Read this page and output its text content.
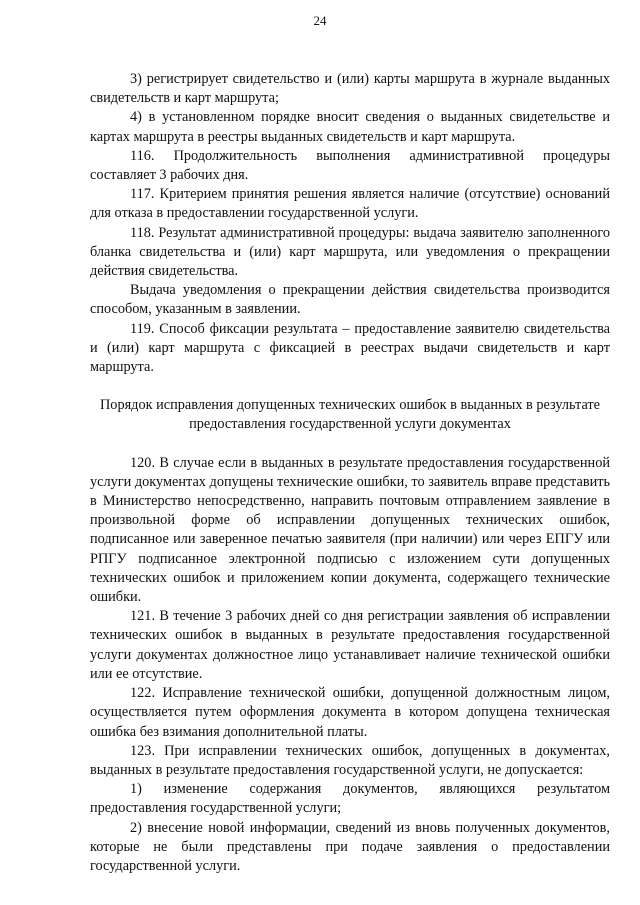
24

3) регистрирует свидетельство и (или) карты маршрута в журнале выданных свидетельств и карт маршрута;

4) в установленном порядке вносит сведения о выданных свидетельстве и картах маршрута в реестры выданных свидетельств и карт маршрута.

116. Продолжительность выполнения административной процедуры составляет 3 рабочих дня.

117. Критерием принятия решения является наличие (отсутствие) оснований для отказа в предоставлении государственной услуги.

118. Результат административной процедуры: выдача заявителю заполненного бланка свидетельства и (или) карт маршрута, или уведомления о прекращении действия свидетельства.

Выдача уведомления о прекращении действия свидетельства производится способом, указанным в заявлении.

119. Способ фиксации результата – предоставление заявителю свидетельства и (или) карт маршрута с фиксацией в реестрах выдачи свидетельств и карт маршрута.

Порядок исправления допущенных технических ошибок в выданных в результате предоставления государственной услуги документах

120. В случае если в выданных в результате предоставления государственной услуги документах допущены технические ошибки, то заявитель вправе представить в Министерство непосредственно, направить почтовым отправлением заявление в произвольной форме об исправлении допущенных технических ошибок, подписанное или заверенное печатью заявителя (при наличии) или через ЕПГУ или РПГУ подписанное электронной подписью с изложением сути допущенных технических ошибок и приложением копии документа, содержащего технические ошибки.

121. В течение 3 рабочих дней со дня регистрации заявления об исправлении технических ошибок в выданных в результате предоставления государственной услуги документах должностное лицо устанавливает наличие технической ошибки или ее отсутствие.

122. Исправление технической ошибки, допущенной должностным лицом, осуществляется путем оформления документа в котором допущена техническая ошибка без взимания дополнительной платы.

123. При исправлении технических ошибок, допущенных в документах, выданных в результате предоставления государственной услуги, не допускается:

1) изменение содержания документов, являющихся результатом предоставления государственной услуги;

2) внесение новой информации, сведений из вновь полученных документов, которые не были представлены при подаче заявления о предоставлении государственной услуги.
